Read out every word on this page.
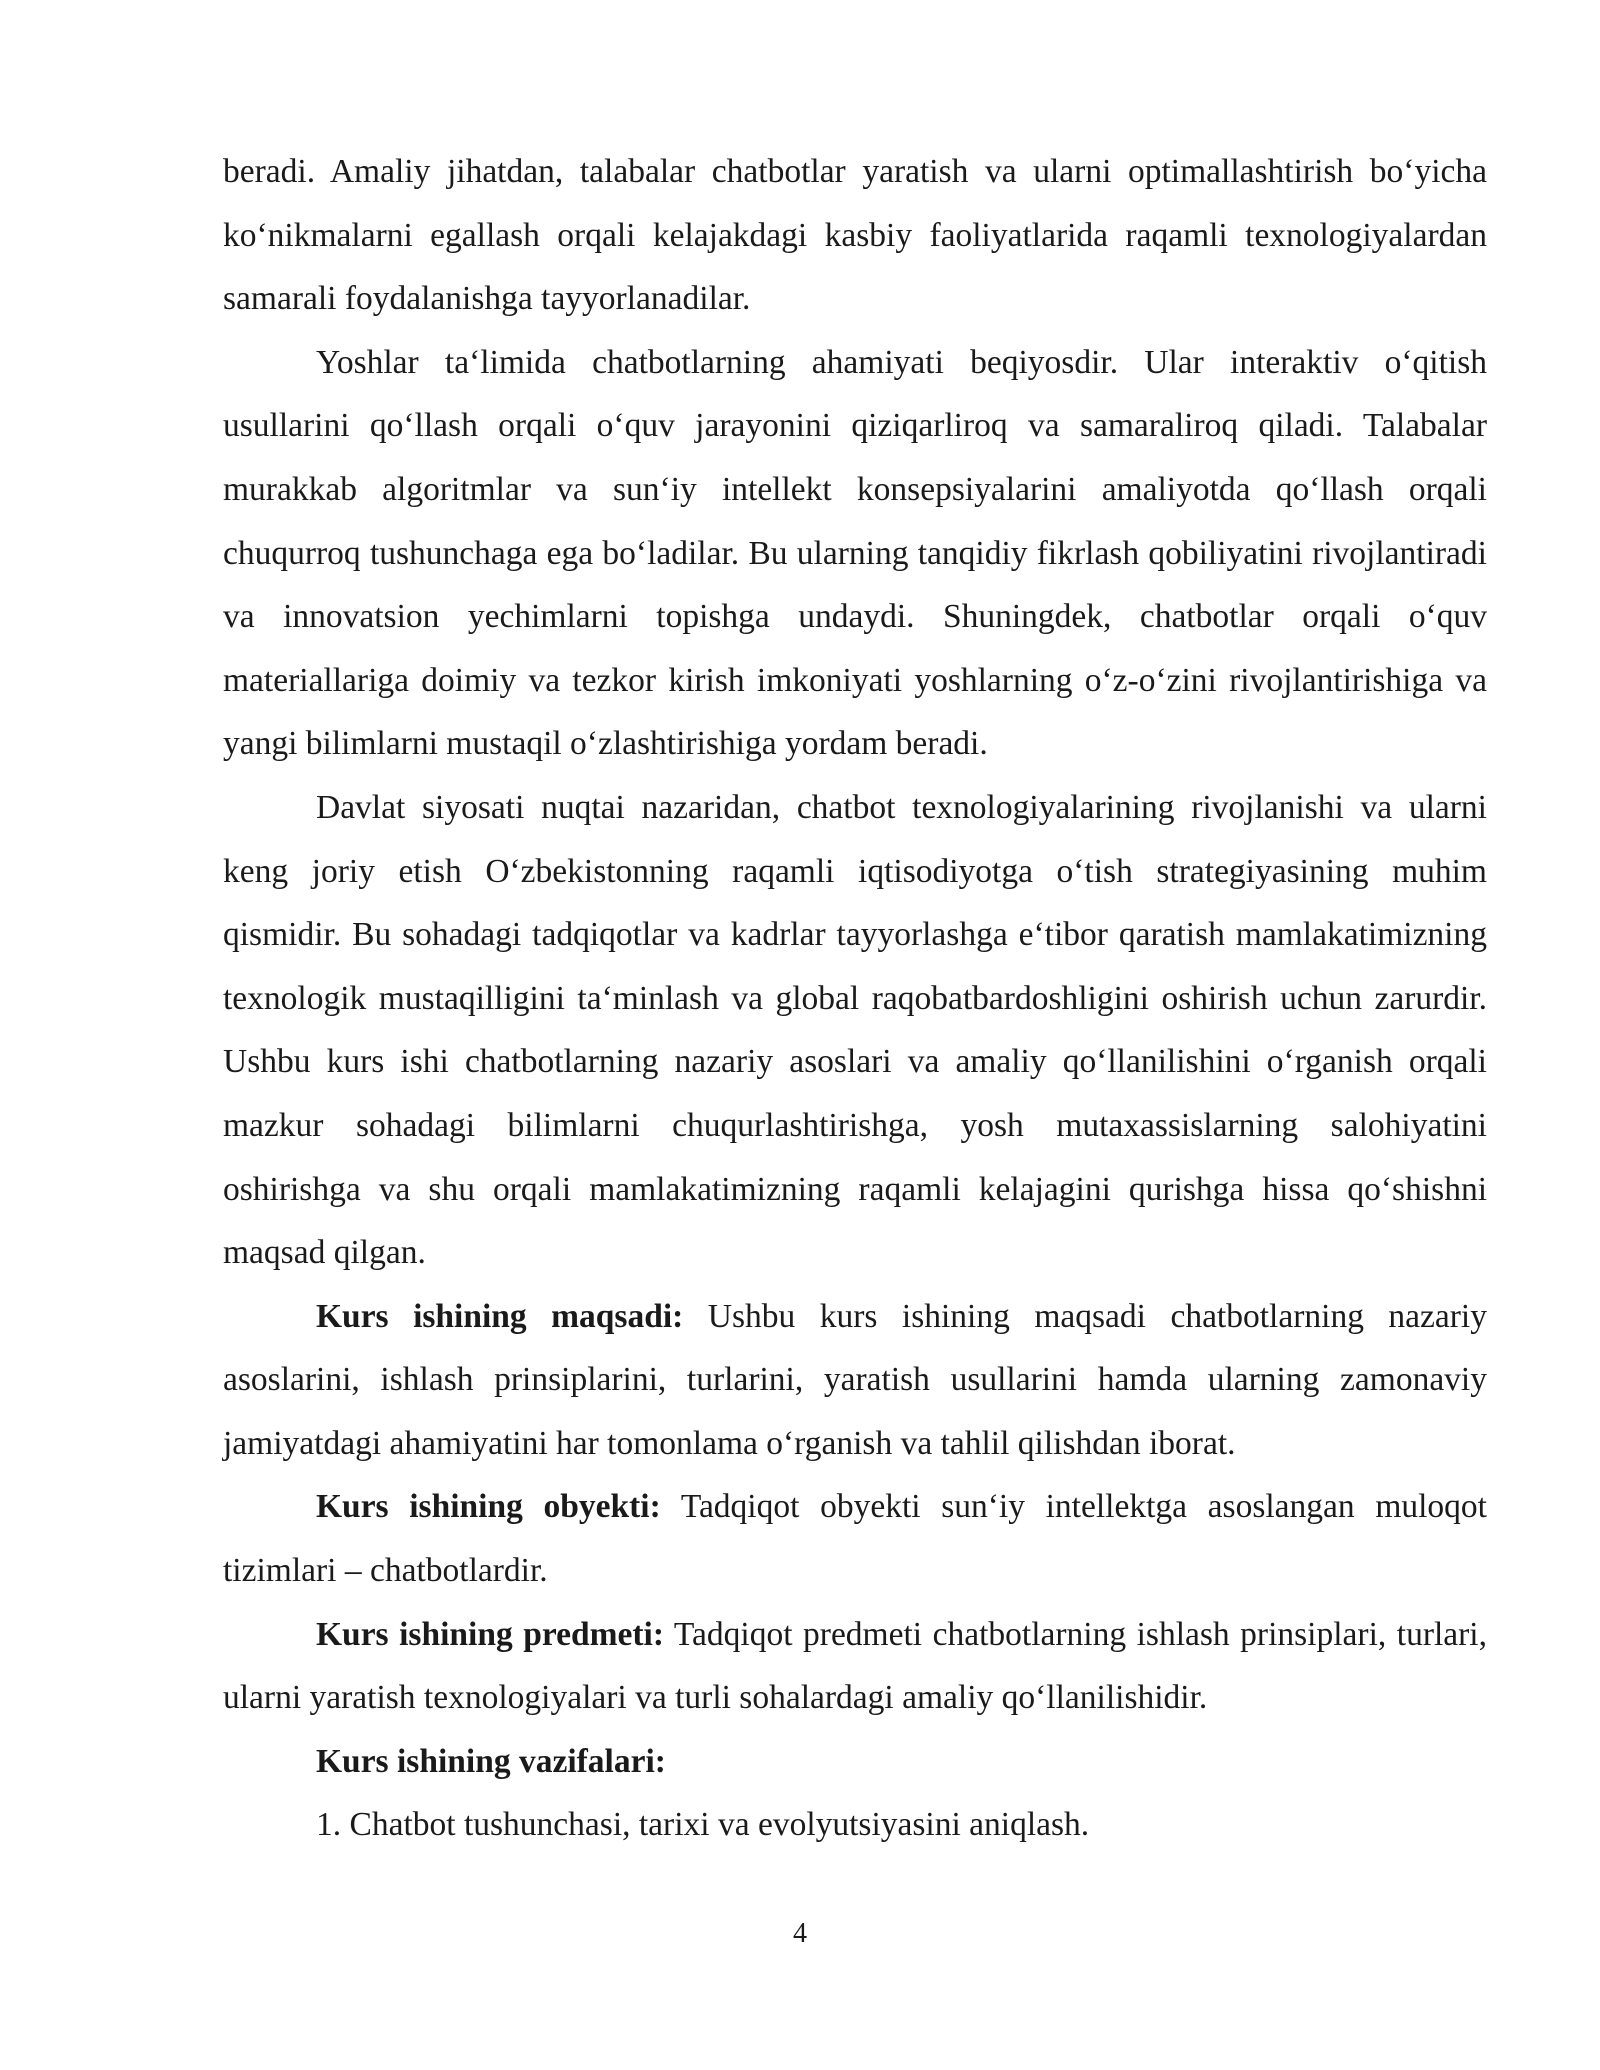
beradi. Amaliy jihatdan, talabalar chatbotlar yaratish va ularni optimallashtirish bo‘yicha ko‘nikmalarni egallash orqali kelajakdagi kasbiy faoliyatlarida raqamli texnologiyalardan samarali foydalanishga tayyorlanadilar.

Yoshlar ta‘limida chatbotlarning ahamiyati beqiyosdir. Ular interaktiv o‘qitish usullarini qo‘llash orqali o‘quv jarayonini qiziqarliroq va samaraliroq qiladi. Talabalar murakkab algoritmlar va sun‘iy intellekt konsepsiyalarini amaliyotda qo‘llash orqali chuqurroq tushunchaga ega bo‘ladilar. Bu ularning tanqidiy fikrlash qobiliyatini rivojlantiradi va innovatsion yechimlarni topishga undaydi. Shuningdek, chatbotlar orqali o‘quv materiallariga doimiy va tezkor kirish imkoniyati yoshlarning o‘z-o‘zini rivojlantirishiga va yangi bilimlarni mustaqil o‘zlashtirishiga yordam beradi.

Davlat siyosati nuqtai nazaridan, chatbot texnologiyalarining rivojlanishi va ularni keng joriy etish O‘zbekistonning raqamli iqtisodiyotga o‘tish strategiyasining muhim qismidir. Bu sohadagi tadqiqotlar va kadrlar tayyorlashga e‘tibor qaratish mamlakatimizning texnologik mustaqilligini ta‘minlash va global raqobatbardoshligini oshirish uchun zarurdir. Ushbu kurs ishi chatbotlarning nazariy asoslari va amaliy qo‘llanilishini o‘rganish orqali mazkur sohadagi bilimlarni chuqurlashtirishga, yosh mutaxassislarning salohiyatini oshirishga va shu orqali mamlakatimizning raqamli kelajagini qurishga hissa qo‘shishni maqsad qilgan.

Kurs ishining maqsadi: Ushbu kurs ishining maqsadi chatbotlarning nazariy asoslarini, ishlash prinsiplarini, turlarini, yaratish usullarini hamda ularning zamonaviy jamiyatdagi ahamiyatini har tomonlama o‘rganish va tahlil qilishdan iborat.

Kurs ishining obyekti: Tadqiqot obyekti sun‘iy intellektga asoslangan muloqot tizimlari – chatbotlardir.

Kurs ishining predmeti: Tadqiqot predmeti chatbotlarning ishlash prinsiplari, turlari, ularni yaratish texnologiyalari va turli sohalardagi amaliy qo‘llanilishidir.

Kurs ishining vazifalari:

1. Chatbot tushunchasi, tarixi va evolyutsiyasini aniqlash.

4
